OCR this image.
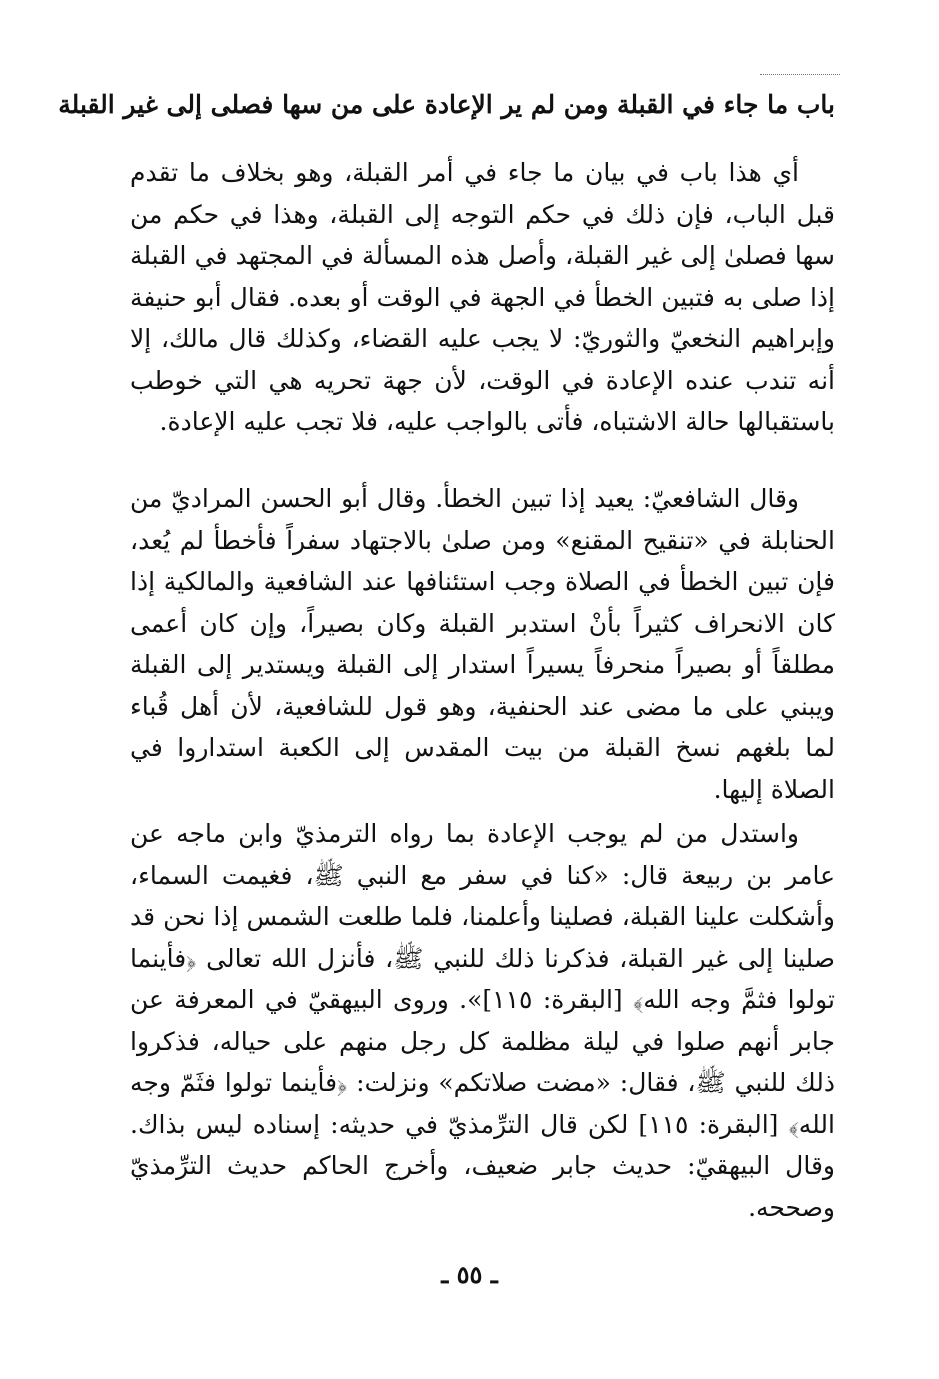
باب ما جاء في القبلة ومن لم ير الإعادة على من سها فصلى إلى غير القبلة

أي هذا باب في بيان ما جاء في أمر القبلة، وهو بخلاف ما تقدم قبل الباب، فإن ذلك في حكم التوجه إلى القبلة، وهذا في حكم من سها فصلىٰ إلى غير القبلة، وأصل هذه المسألة في المجتهد في القبلة إذا صلى به فتبين الخطأ في الجهة في الوقت أو بعده. فقال أبو حنيفة وإبراهيم النخعيّ والثوريّ: لا يجب عليه القضاء، وكذلك قال مالك، إلا أنه تندب عنده الإعادة في الوقت، لأن جهة تحريه هي التي خوطب باستقبالها حالة الاشتباه، فأتى بالواجب عليه، فلا تجب عليه الإعادة.

وقال الشافعيّ: يعيد إذا تبين الخطأ. وقال أبو الحسن المراديّ من الحنابلة في «تنقيح المقنع» ومن صلىٰ بالاجتهاد سفراً فأخطأ لم يُعد، فإن تبين الخطأ في الصلاة وجب استئنافها عند الشافعية والمالكية إذا كان الانحراف كثيراً بأنْ استدبر القبلة وكان بصيراً، وإن كان أعمى مطلقاً أو بصيراً منحرفاً يسيراً استدار إلى القبلة ويستدير إلى القبلة ويبني على ما مضى عند الحنفية، وهو قول للشافعية، لأن أهل قُباء لما بلغهم نسخ القبلة من بيت المقدس إلى الكعبة استداروا في الصلاة إليها.

واستدل من لم يوجب الإعادة بما رواه الترمذيّ وابن ماجه عن عامر بن ربيعة قال: «كنا في سفر مع النبي ﷺ، فغيمت السماء، وأشكلت علينا القبلة، فصلينا وأعلمنا، فلما طلعت الشمس إذا نحن قد صلينا إلى غير القبلة، فذكرنا ذلك للنبي ﷺ، فأنزل الله تعالى ﴿فأينما تولوا فثمَّ وجه الله﴾ [البقرة: ١١٥]». وروى البيهقيّ في المعرفة عن جابر أنهم صلوا في ليلة مظلمة كل رجل منهم على حياله، فذكروا ذلك للنبي ﷺ، فقال: «مضت صلاتكم» ونزلت: ﴿فأينما تولوا فثَمّ وجه الله﴾ [البقرة: ١١٥] لكن قال الترِّمذيّ في حديثه: إسناده ليس بذاك. وقال البيهقيّ: حديث جابر ضعيف، وأخرج الحاكم حديث الترِّمذيّ وصححه.

ـ ٥٥ ـ
